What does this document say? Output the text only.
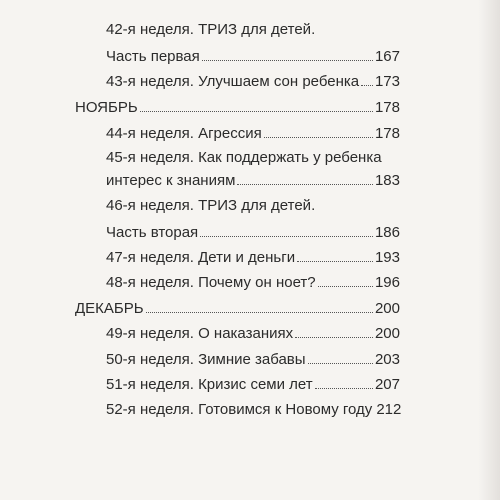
42-я неделя. ТРИЗ для детей.
Часть первая	167
43-я неделя. Улучшаем сон ребенка 173
НОЯБРЬ	178
44-я неделя. Агрессия	178
45-я неделя. Как поддержать у ребенка
интерес к знаниям	183
46-я неделя. ТРИЗ для детей.
Часть вторая	186
47-я неделя. Дети и деньги	193
48-я неделя. Почему он ноет?	196
ДЕКАБРЬ	200
49-я неделя. О наказаниях	200
50-я неделя. Зимние забавы	203
51-я неделя. Кризис семи лет	207
52-я неделя. Готовимся к Новому году 212
